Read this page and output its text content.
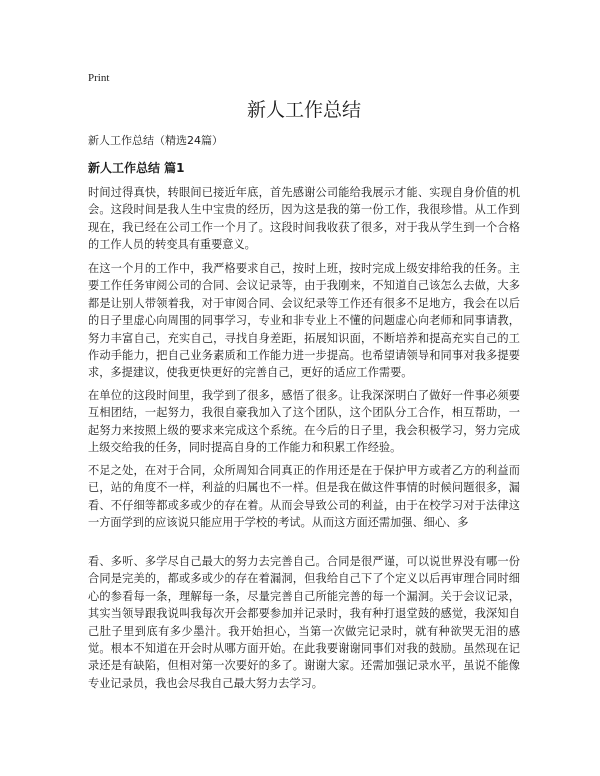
Print
新人工作总结
新人工作总结（精选24篇）
新人工作总结 篇1

时间过得真快，转眼间已接近年底，首先感谢公司能给我展示才能、实现自身价值的机会。这段时间是我人生中宝贵的经历，因为这是我的第一份工作，我很珍惜。从工作到现在，我已经在公司工作一个月了。这段时间我收获了很多，对于我从学生到一个合格的工作人员的转变具有重要意义。

在这一个月的工作中，我严格要求自己，按时上班，按时完成上级安排给我的任务。主要工作任务审阅公司的合同、会议记录等，由于我刚来，不知道自己该怎么去做，大多都是让别人带领着我，对于审阅合同、会议纪录等工作还有很多不足地方，我会在以后的日子里虚心向周围的同事学习，专业和非专业上不懂的问题虚心向老师和同事请教，努力丰富自己，充实自己，寻找自身差距，拓展知识面，不断培养和提高充实自己的工作动手能力，把自己业务素质和工作能力进一步提高。也希望请领导和同事对我多提要求，多提建议，使我更快更好的完善自己，更好的适应工作需要。

在单位的这段时间里，我学到了很多，感悟了很多。让我深深明白了做好一件事必须要互相团结，一起努力，我很自豪我加入了这个团队，这个团队分工合作，相互帮助，一起努力来按照上级的要求来完成这个系统。在今后的日子里，我会积极学习，努力完成上级交给我的任务，同时提高自身的工作能力和积累工作经验。

不足之处，在对于合同，众所周知合同真正的作用还是在于保护甲方或者乙方的利益而已，站的角度不一样，利益的归属也不一样。但是我在做这件事情的时候问题很多，漏看、不仔细等都或多或少的存在着。从而会导致公司的利益，由于在校学习对于法律这一方面学到的应该说只能应用于学校的考试。从而这方面还需加强、细心、多

看、多听、多学尽自己最大的努力去完善自己。合同是很严谨，可以说世界没有哪一份合同是完美的，都或多或少的存在着漏洞，但我给自己下了个定义以后再审理合同时细心的参看每一条，理解每一条，尽量完善自己所能完善的每一个漏洞。关于会议记录，其实当领导跟我说叫我每次开会都要参加并记录时，我有种打退堂鼓的感觉，我深知自己肚子里到底有多少墨汁。我开始担心，当第一次做完记录时，就有种欲哭无泪的感觉。根本不知道在开会时从哪方面开始。在此我要谢谢同事们对我的鼓励。虽然现在记录还是有缺陷，但相对第一次要好的多了。谢谢大家。还需加强记录水平，虽说不能像专业记录员，我也会尽我自己最大努力去学习。
